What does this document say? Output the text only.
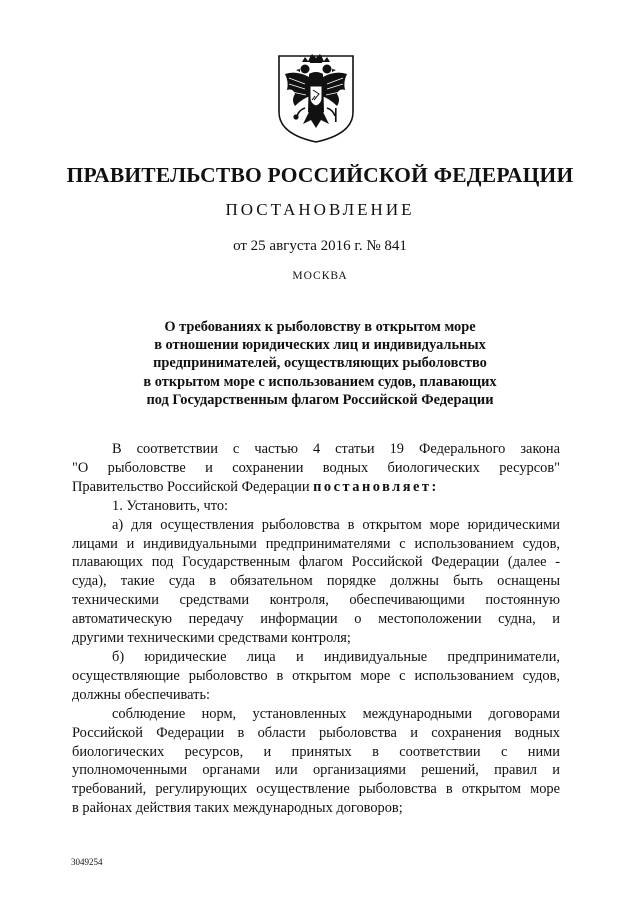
ПРАВИТЕЛЬСТВО РОССИЙСКОЙ ФЕДЕРАЦИИ
ПОСТАНОВЛЕНИЕ
от 25 августа 2016 г. № 841
МОСКВА
О требованиях к рыболовству в открытом море
в отношении юридических лиц и индивидуальных
предпринимателей, осуществляющих рыболовство
в открытом море с использованием судов, плавающих
под Государственным флагом Российской Федерации
В соответствии с частью 4 статьи 19 Федерального закона
"О рыболовстве и сохранении водных биологических ресурсов"
Правительство Российской Федерации постановляет:
1. Установить, что:
а) для осуществления рыболовства в открытом море юридическими
лицами и индивидуальными предпринимателями с использованием судов,
плавающих под Государственным флагом Российской Федерации (далее -
суда), такие суда в обязательном порядке должны быть оснащены
техническими средствами контроля, обеспечивающими постоянную
автоматическую передачу информации о местоположении судна, и
другими техническими средствами контроля;
б) юридические лица и индивидуальные предприниматели,
осуществляющие рыболовство в открытом море с использованием судов,
должны обеспечивать:
соблюдение норм, установленных международными договорами
Российской Федерации в области рыболовства и сохранения водных
биологических ресурсов, и принятых в соответствии с ними
уполномоченными органами или организациями решений, правил и
требований, регулирующих осуществление рыболовства в открытом море
в районах действия таких международных договоров;
3049254
